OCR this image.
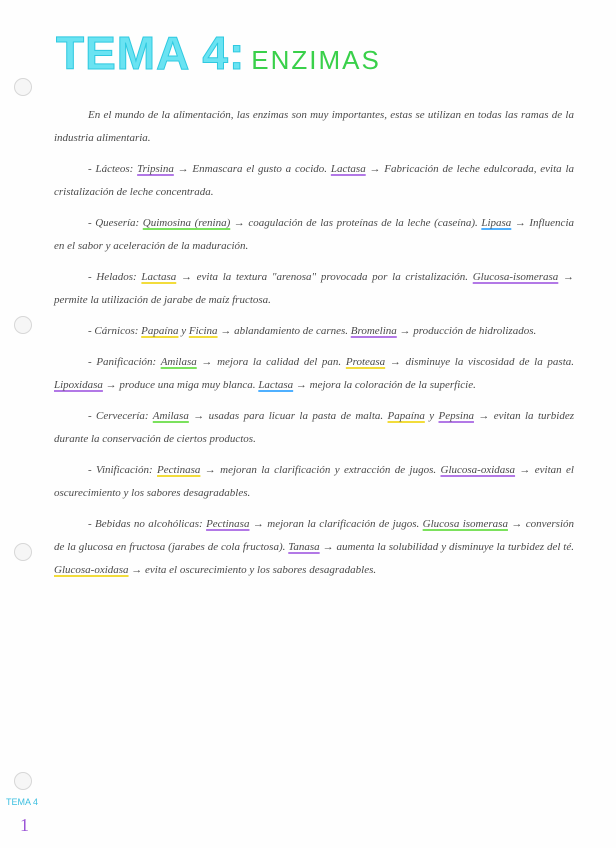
TEMA 4: ENZIMAS

En el mundo de la alimentación, las enzimas son muy importantes, estas se utilizan en todas las ramas de la industria alimentaria.

- Lácteos: Tripsina → Enmascara el gusto a cocido. Lactasa → Fabricación de leche edulcorada, evita la cristalización de leche concentrada.

- Quesería: Quimosina (renina) → coagulación de las proteínas de la leche (caseína). Lipasa → Influencia en el sabor y aceleración de la maduración.

- Helados: Lactasa → evita la textura "arenosa" provocada por la cristalización. Glucosa-isomerasa → permite la utilización de jarabe de maíz fructosa.

- Cárnicos: Papaína y Ficina → ablandamiento de carnes. Bromelina → producción de hidrolizados.

- Panificación: Amilasa → mejora la calidad del pan. Proteasa → disminuye la viscosidad de la pasta. Lipoxidasa → produce una miga muy blanca. Lactasa → mejora la coloración de la superficie.

- Cervecería: Amilasa → usadas para licuar la pasta de malta. Papaína y Pepsina → evitan la turbidez durante la conservación de ciertos productos.

- Vinificación: Pectinasa → mejoran la clarificación y extracción de jugos. Glucosa-oxidasa → evitan el oscurecimiento y los sabores desagradables.

- Bebidas no alcohólicas: Pectinasa → mejoran la clarificación de jugos. Glucosa isomerasa → conversión de la glucosa en fructosa (jarabes de cola fructosa). Tanasa → aumenta la solubilidad y disminuye la turbidez del té. Glucosa-oxidasa → evita el oscurecimiento y los sabores desagradables.

TEMA 4
1
